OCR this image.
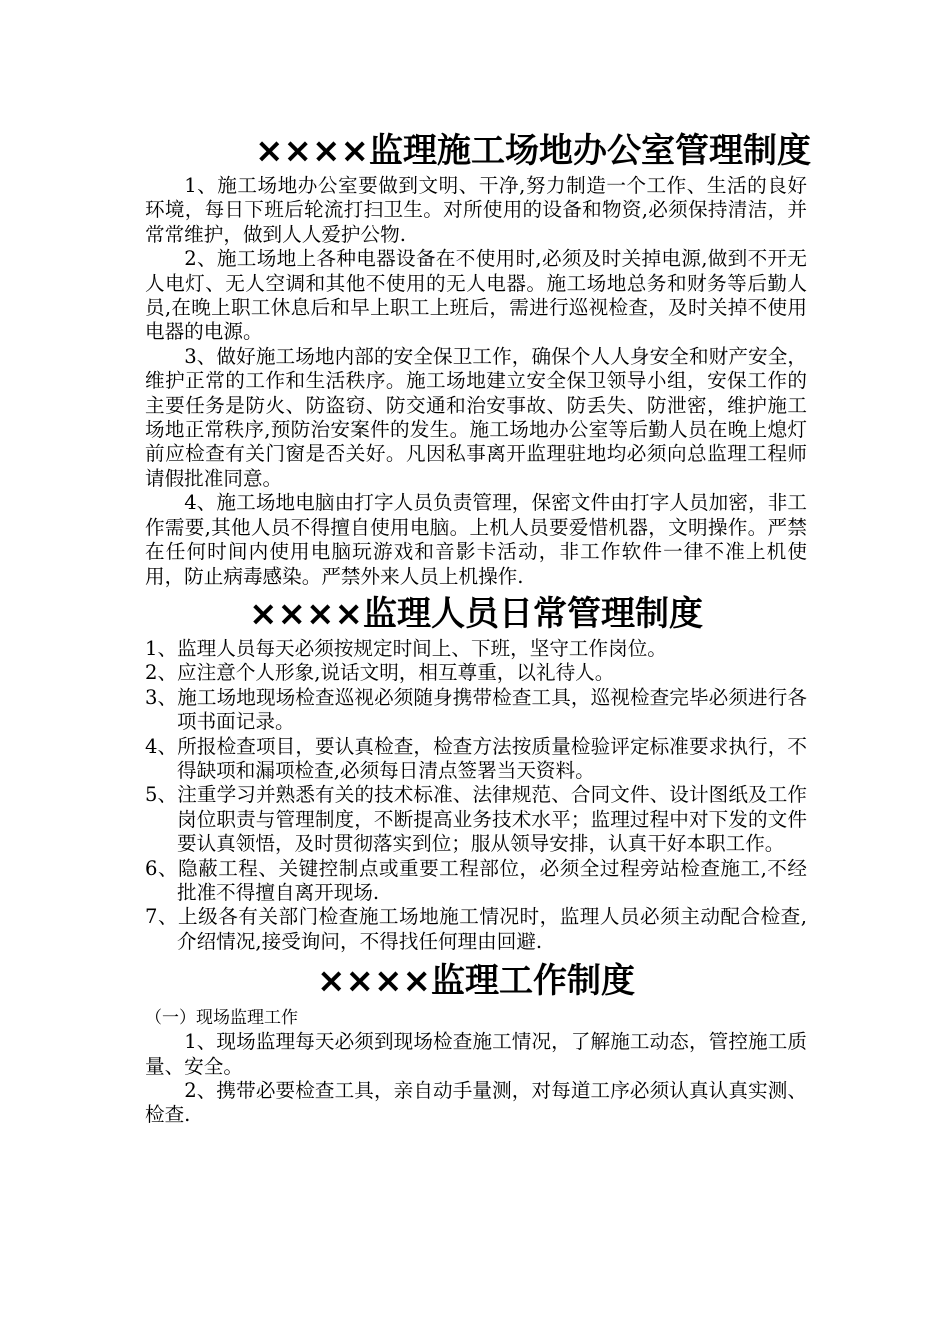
××××监理施工场地办公室管理制度

1、施工场地办公室要做到文明、干净,努力制造一个工作、生活的良好环境，每日下班后轮流打扫卫生。对所使用的设备和物资,必须保持清洁，并常常维护，做到人人爱护公物.

2、施工场地上各种电器设备在不使用时,必须及时关掉电源,做到不开无人电灯、无人空调和其他不使用的无人电器。施工场地总务和财务等后勤人员,在晚上职工休息后和早上职工上班后，需进行巡视检查，及时关掉不使用电器的电源。

3、做好施工场地内部的安全保卫工作，确保个人人身安全和财产安全，维护正常的工作和生活秩序。施工场地建立安全保卫领导小组，安保工作的主要任务是防火、防盗窃、防交通和治安事故、防丢失、防泄密，维护施工场地正常秩序,预防治安案件的发生。施工场地办公室等后勤人员在晚上熄灯前应检查有关门窗是否关好。凡因私事离开监理驻地均必须向总监理工程师请假批准同意。

4、施工场地电脑由打字人员负责管理，保密文件由打字人员加密，非工作需要,其他人员不得擅自使用电脑。上机人员要爱惜机器，文明操作。严禁在任何时间内使用电脑玩游戏和音影卡活动，非工作软件一律不准上机使用，防止病毒感染。严禁外来人员上机操作.

××××监理人员日常管理制度
1、监理人员每天必须按规定时间上、下班，坚守工作岗位。
2、应注意个人形象,说话文明，相互尊重，以礼待人。
3、施工场地现场检查巡视必须随身携带检查工具，巡视检查完毕必须进行各项书面记录。
4、所报检查项目，要认真检查，检查方法按质量检验评定标准要求执行，不得缺项和漏项检查,必须每日清点签署当天资料。
5、注重学习并熟悉有关的技术标准、法律规范、合同文件、设计图纸及工作岗位职责与管理制度，不断提高业务技术水平；监理过程中对下发的文件要认真领悟，及时贯彻落实到位；服从领导安排，认真干好本职工作。
6、隐蔽工程、关键控制点或重要工程部位，必须全过程旁站检查施工,不经批准不得擅自离开现场.
7、上级各有关部门检查施工场地施工情况时，监理人员必须主动配合检查,介绍情况,接受询问，不得找任何理由回避.
××××监理工作制度
（一）现场监理工作

1、现场监理每天必须到现场检查施工情况，了解施工动态，管控施工质量、安全。

2、携带必要检查工具，亲自动手量测，对每道工序必须认真认真实测、检查.
